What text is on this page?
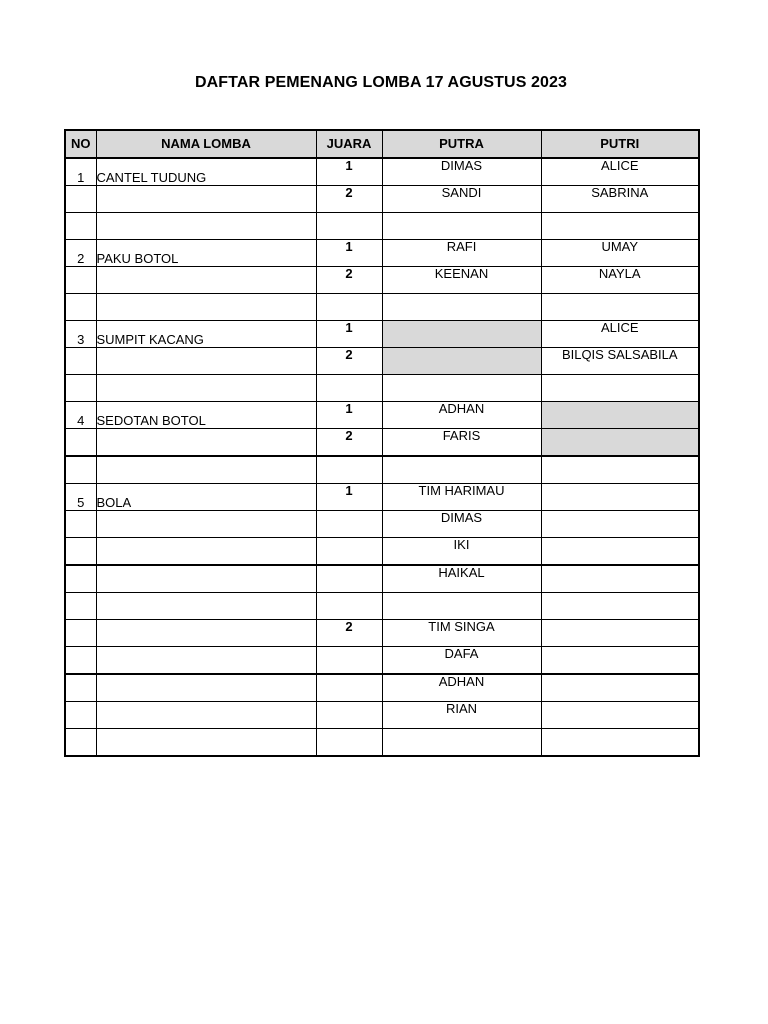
DAFTAR PEMENANG LOMBA 17 AGUSTUS 2023
NO	NAMA LOMBA	JUARA	PUTRA	PUTRI
1	CANTEL TUDUNG	1	DIMAS	ALICE
		2	SANDI	SABRINA

2	PAKU BOTOL	1	RAFI	UMAY
		2	KEENAN	NAYLA

3	SUMPIT KACANG	1		ALICE
		2		BILQIS SALSABILA

4	SEDOTAN BOTOL	1	ADHAN	
		2	FARIS	

5	BOLA	1	TIM HARIMAU	
			DIMAS	
			IKI	
			HAIKAL	

		2	TIM SINGA	
			DAFA	
			ADHAN	
			RIAN	
